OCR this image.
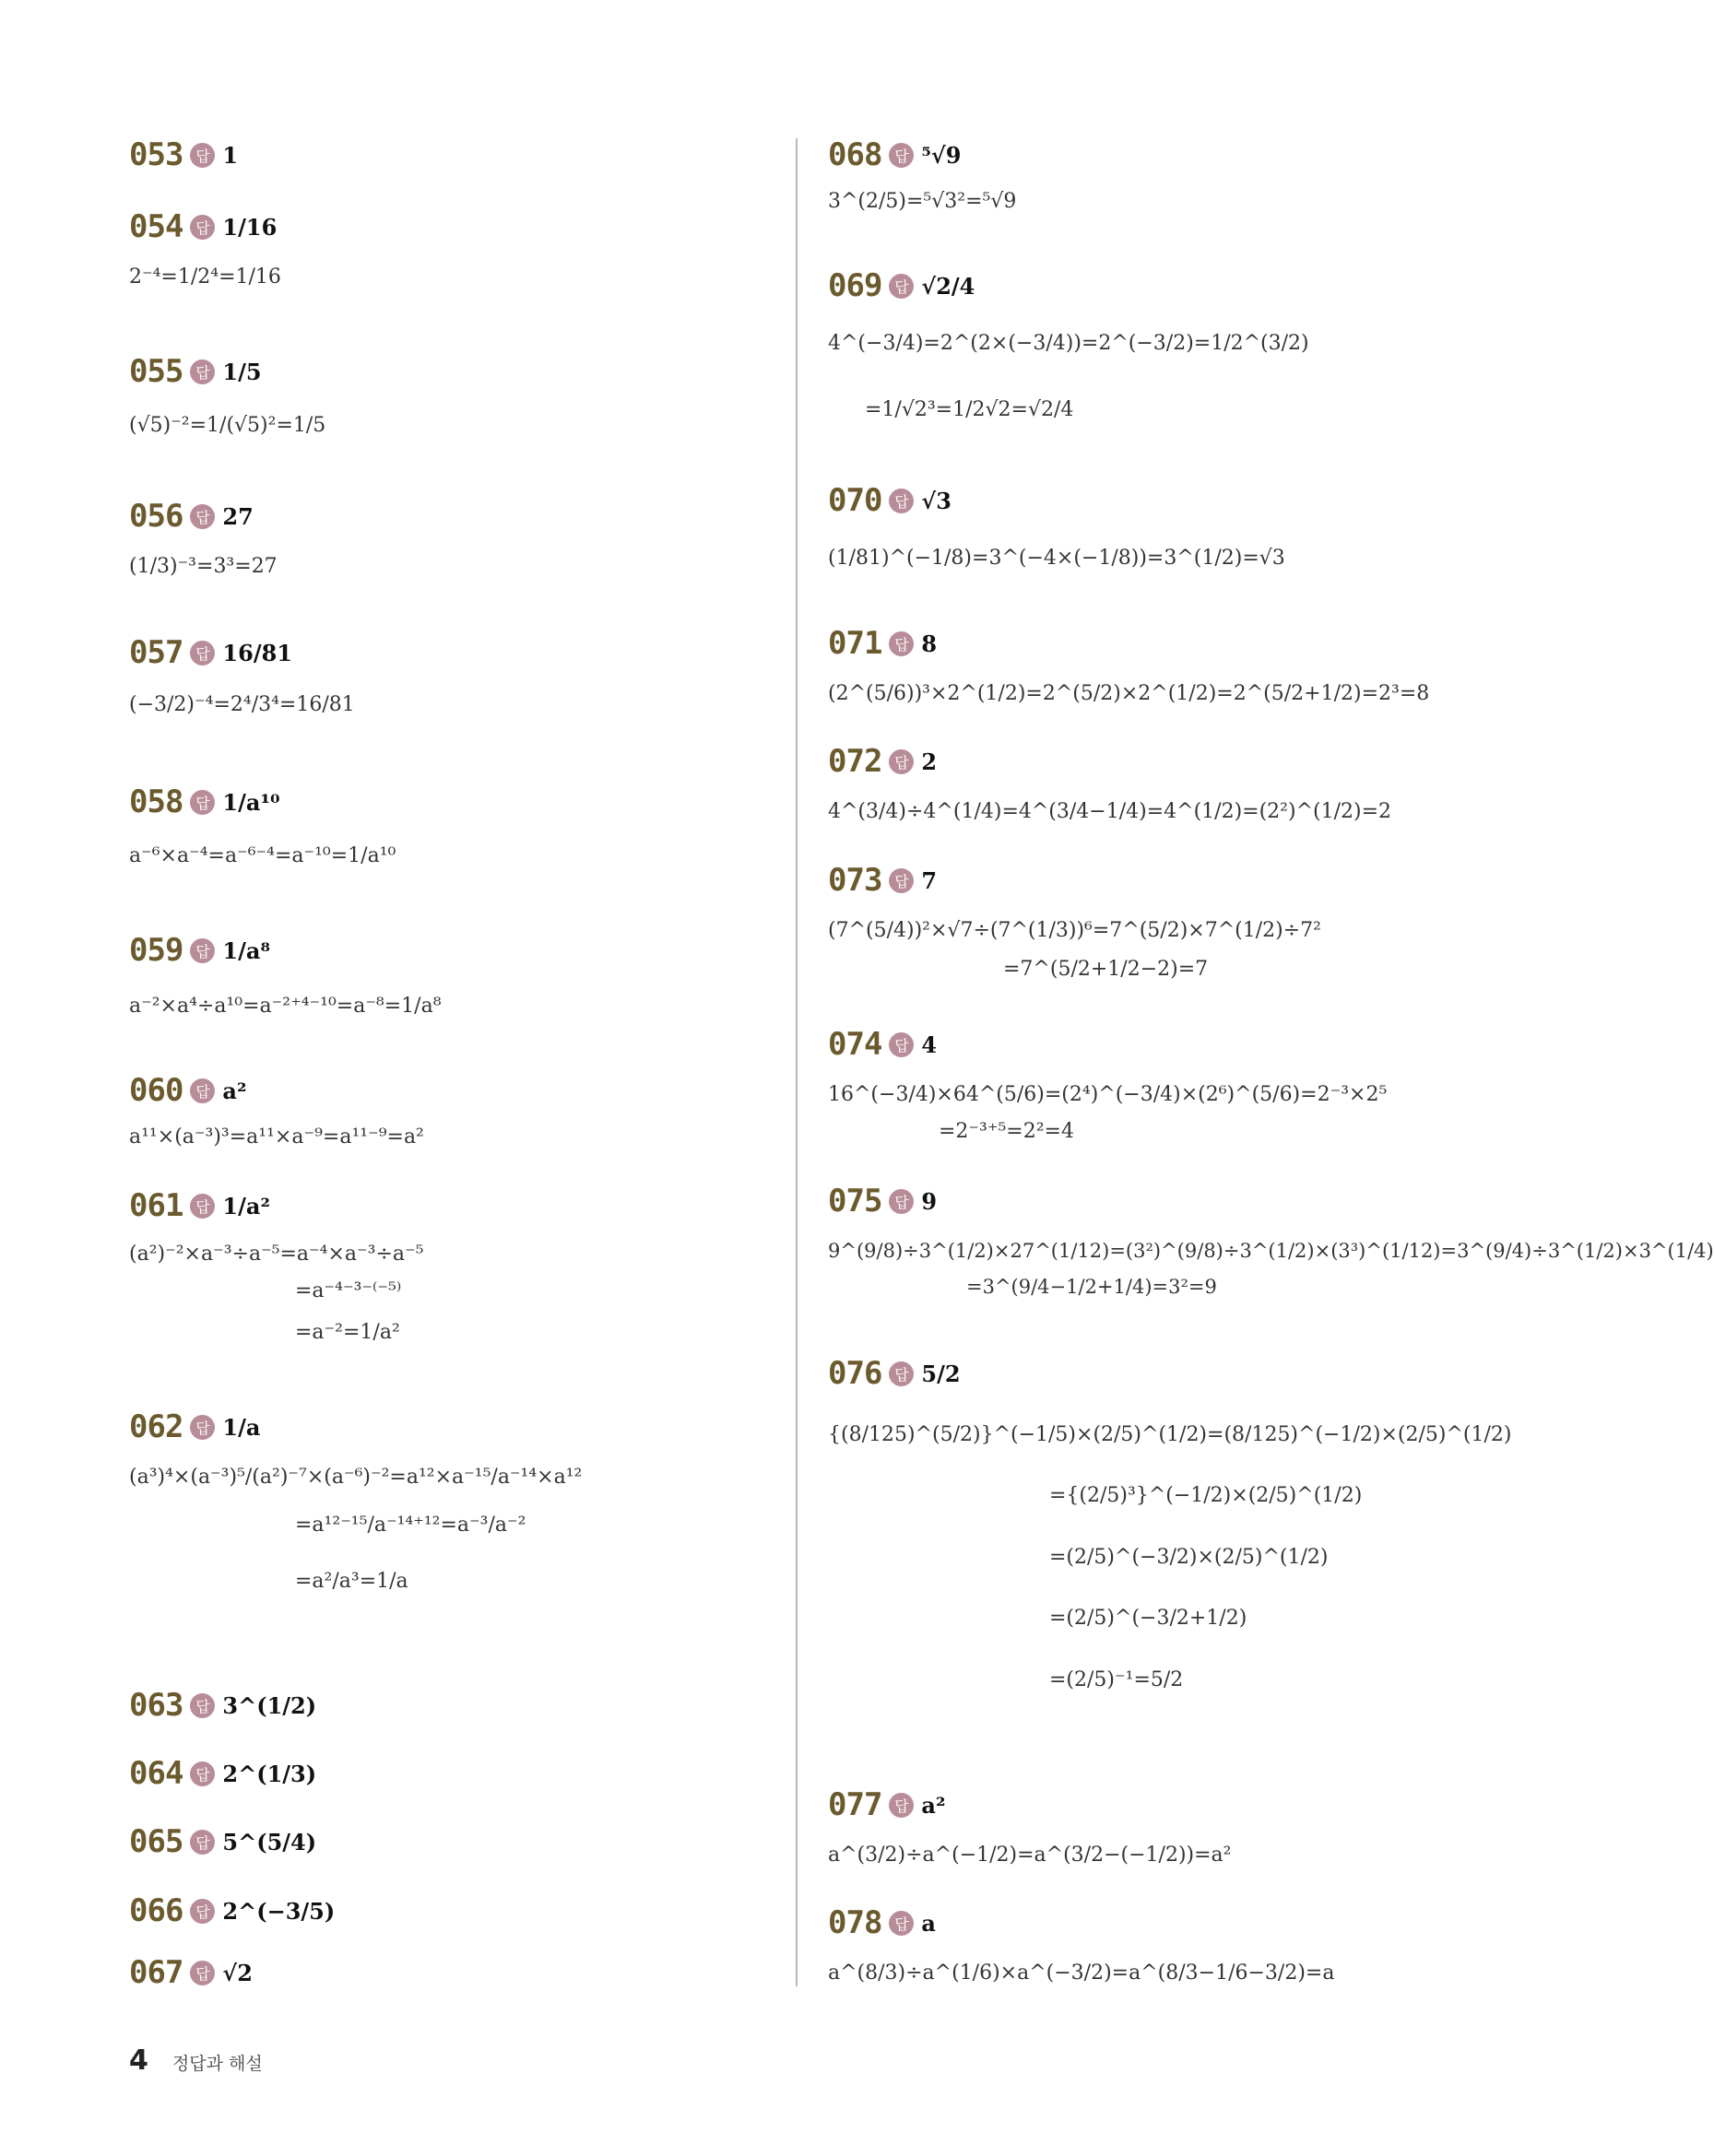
053 답 1
054 답 1/16
2⁻⁴=1/2⁴=1/16
055 답 1/5
(√5)⁻²=1/(√5)²=1/5
056 답 27
(1/3)⁻³=3³=27
057 답 16/81
(−3/2)⁻⁴=2⁴/3⁴=16/81
058 답 1/a¹⁰
a⁻⁶×a⁻⁴=a⁻⁶⁻⁴=a⁻¹⁰=1/a¹⁰
059 답 1/a⁸
a⁻²×a⁴÷a¹⁰=a⁻²⁺⁴⁻¹⁰=a⁻⁸=1/a⁸
060 답 a²
a¹¹×(a⁻³)³=a¹¹×a⁻⁹=a¹¹⁻⁹=a²
061 답 1/a²
(a²)⁻²×a⁻³÷a⁻⁵=a⁻⁴×a⁻³÷a⁻⁵
=a⁻⁴⁻³⁻⁽⁻⁵⁾
=a⁻²=1/a²
062 답 1/a
(a³)⁴×(a⁻³)⁵/(a²)⁻⁷×(a⁻⁶)⁻²=a¹²×a⁻¹⁵/a⁻¹⁴×a¹²
=a¹²⁻¹⁵/a⁻¹⁴⁺¹²=a⁻³/a⁻²
=a²/a³=1/a
063 답 3^(1/2)
064 답 2^(1/3)
065 답 5^(5/4)
066 답 2^(−3/5)
067 답 √2
068 답 ⁵√9
3^(2/5)=⁵√3²=⁵√9
069 답 √2/4
4^(−3/4)=2^(2×(−3/4))=2^(−3/2)=1/2^(3/2)
=1/√2³=1/2√2=√2/4
070 답 √3
(1/81)^(−1/8)=3^(−4×(−1/8))=3^(1/2)=√3
071 답 8
(2^(5/6))³×2^(1/2)=2^(5/2)×2^(1/2)=2^(5/2+1/2)=2³=8
072 답 2
4^(3/4)÷4^(1/4)=4^(3/4−1/4)=4^(1/2)=(2²)^(1/2)=2
073 답 7
(7^(5/4))²×√7÷(7^(1/3))⁶=7^(5/2)×7^(1/2)÷7²
=7^(5/2+1/2−2)=7
074 답 4
16^(−3/4)×64^(5/6)=(2⁴)^(−3/4)×(2⁶)^(5/6)=2⁻³×2⁵
=2⁻³⁺⁵=2²=4
075 답 9
9^(9/8)÷3^(1/2)×27^(1/12)=(3²)^(9/8)÷3^(1/2)×(3³)^(1/12)=3^(9/4)÷3^(1/2)×3^(1/4)
=3^(9/4−1/2+1/4)=3²=9
076 답 5/2
{(8/125)^(5/2)}^(−1/5)×(2/5)^(1/2)=(8/125)^(−1/2)×(2/5)^(1/2)
={(2/5)³}^(−1/2)×(2/5)^(1/2)
=(2/5)^(−3/2)×(2/5)^(1/2)
=(2/5)^(−3/2+1/2)
=(2/5)⁻¹=5/2
077 답 a²
a^(3/2)÷a^(−1/2)=a^(3/2−(−1/2))=a²
078 답 a
a^(8/3)÷a^(1/6)×a^(−3/2)=a^(8/3−1/6−3/2)=a
4 정답과 해설
